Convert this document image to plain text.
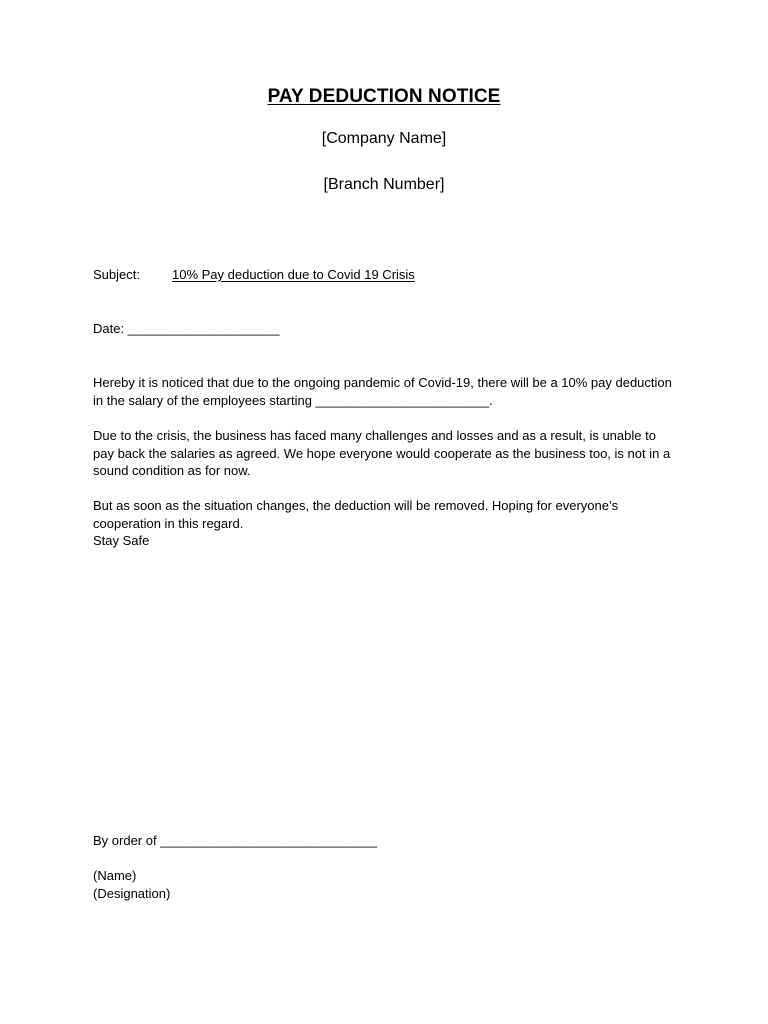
PAY DEDUCTION NOTICE
[Company Name]
[Branch Number]
Subject: 10% Pay deduction due to Covid 19 Crisis
Date: _____________________
Hereby it is noticed that due to the ongoing pandemic of Covid-19, there will be a 10% pay deduction in the salary of the employees starting ________________________.
Due to the crisis, the business has faced many challenges and losses and as a result, is unable to pay back the salaries as agreed. We hope everyone would cooperate as the business too, is not in a sound condition as for now.
But as soon as the situation changes, the deduction will be removed. Hoping for everyone’s cooperation in this regard.
Stay Safe
By order of ______________________________
(Name)
(Designation)
